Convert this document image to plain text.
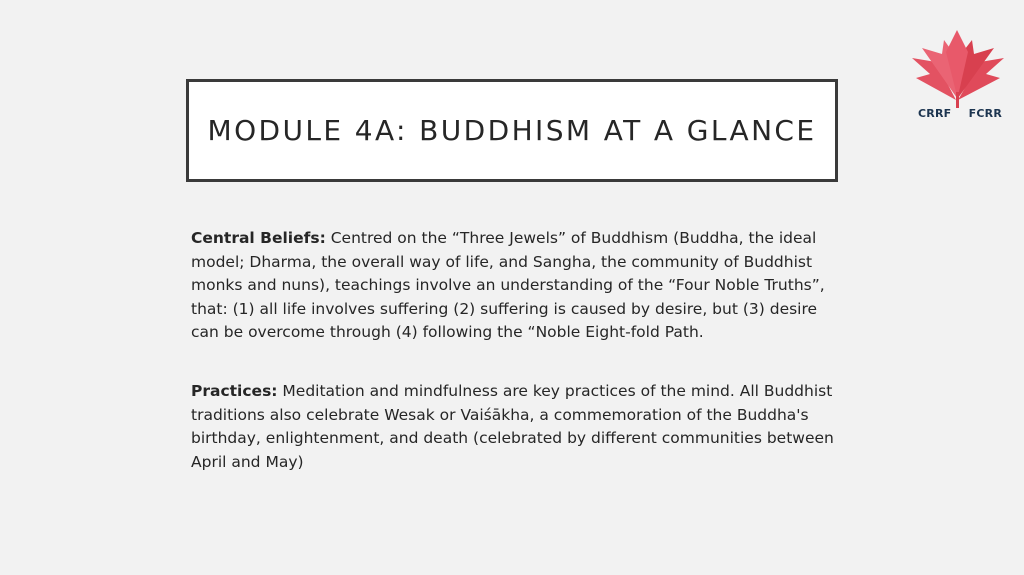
CRRF FCRR
MODULE 4A: BUDDHISM AT A GLANCE

Central Beliefs: Centred on the “Three Jewels” of Buddhism (Buddha, the ideal model; Dharma, the overall way of life, and Sangha, the community of Buddhist monks and nuns), teachings involve an understanding of the “Four Noble Truths”, that: (1) all life involves suffering (2) suffering is caused by desire, but (3) desire can be overcome through (4) following the “Noble Eight-fold Path.

Practices: Meditation and mindfulness are key practices of the mind. All Buddhist traditions also celebrate Wesak or Vaiśākha, a commemoration of the Buddha's birthday, enlightenment, and death (celebrated by different communities between April and May)
